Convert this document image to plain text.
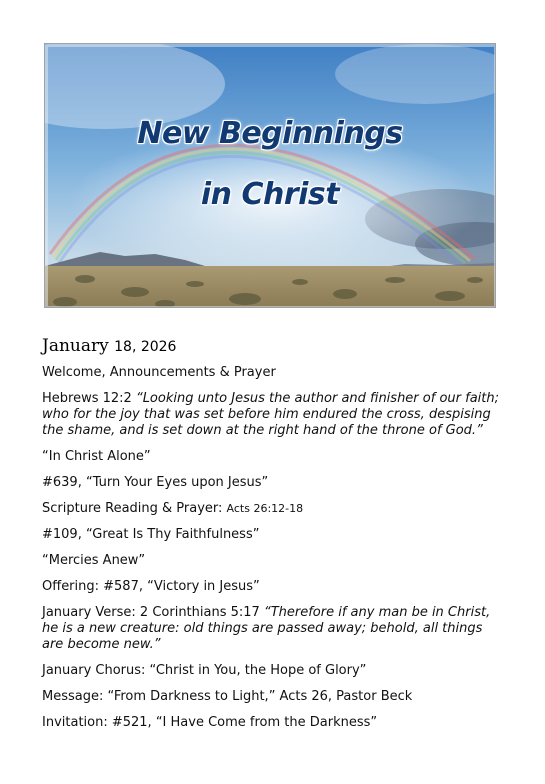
New Beginnings
in Christ
January 18, 2026
Welcome, Announcements & Prayer
Hebrews 12:2 “Looking unto Jesus the author and finisher of our faith; who for the joy that was set before him endured the cross, despising the shame, and is set down at the right hand of the throne of God.”
“In Christ Alone”
#639, “Turn Your Eyes upon Jesus”
Scripture Reading & Prayer: Acts 26:12-18
#109, “Great Is Thy Faithfulness”
“Mercies Anew”
Offering: #587, “Victory in Jesus”
January Verse: 2 Corinthians 5:17 “Therefore if any man be in Christ, he is a new creature: old things are passed away; behold, all things are become new.”
January Chorus: “Christ in You, the Hope of Glory”
Message: “From Darkness to Light,” Acts 26, Pastor Beck
Invitation: #521, “I Have Come from the Darkness”
